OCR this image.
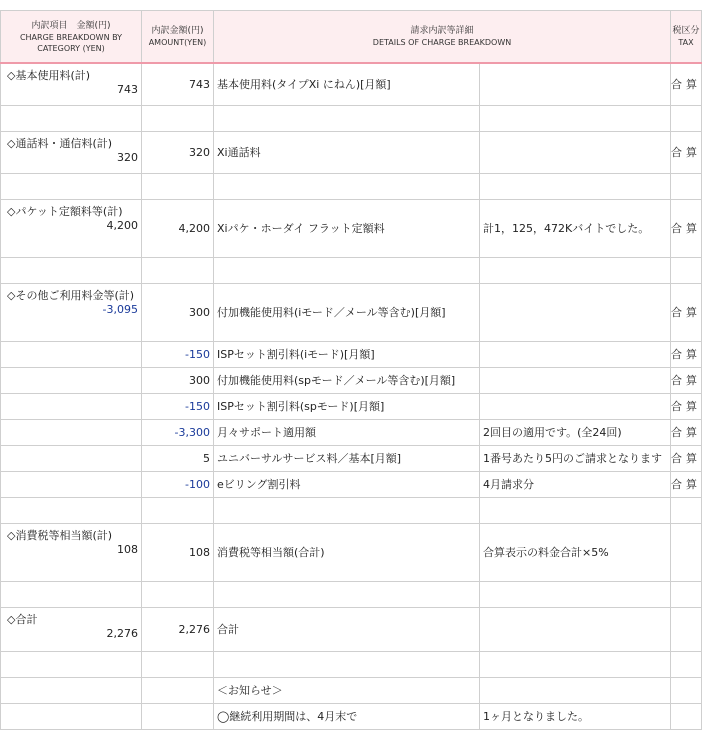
内訳項目　金額(円)
CHARGE BREAKDOWN BY
CATEGORY (YEN)	内訳金額(円)
AMOUNT(YEN)	請求内訳等詳細
DETAILS OF CHARGE BREAKDOWN		税区分
TAX

◇基本使用料(計)
743	743	基本使用料(タイプXi にねん)[月額]		合算

◇通話料・通信料(計)
320	320	Xi通話料		合算

◇パケット定額料等(計)
4,200	4,200	Xiパケ・ホーダイ フラット定額料	計1，125，472Kバイトでした。	合算

◇その他ご利用料金等(計)
-3,095	300	付加機能使用料(iモード／メール等含む)[月額]		合算
	-150	ISPセット割引料(iモード)[月額]		合算
	300	付加機能使用料(spモード／メール等含む)[月額]		合算
	-150	ISPセット割引料(spモード)[月額]		合算
	-3,300	月々サポート適用額	2回目の適用です。(全24回)	合算
	5	ユニバーサルサービス料／基本[月額]	1番号あたり5円のご請求となります	合算
	-100	eビリング割引料	4月請求分	合算

◇消費税等相当額(計)
108	108	消費税等相当額(合計)	合算表示の料金合計×5%	

◇合計
2,276	2,276	合計		

		＜お知らせ＞		
		◯継続利用期間は、4月末で	1ヶ月となりました。	
